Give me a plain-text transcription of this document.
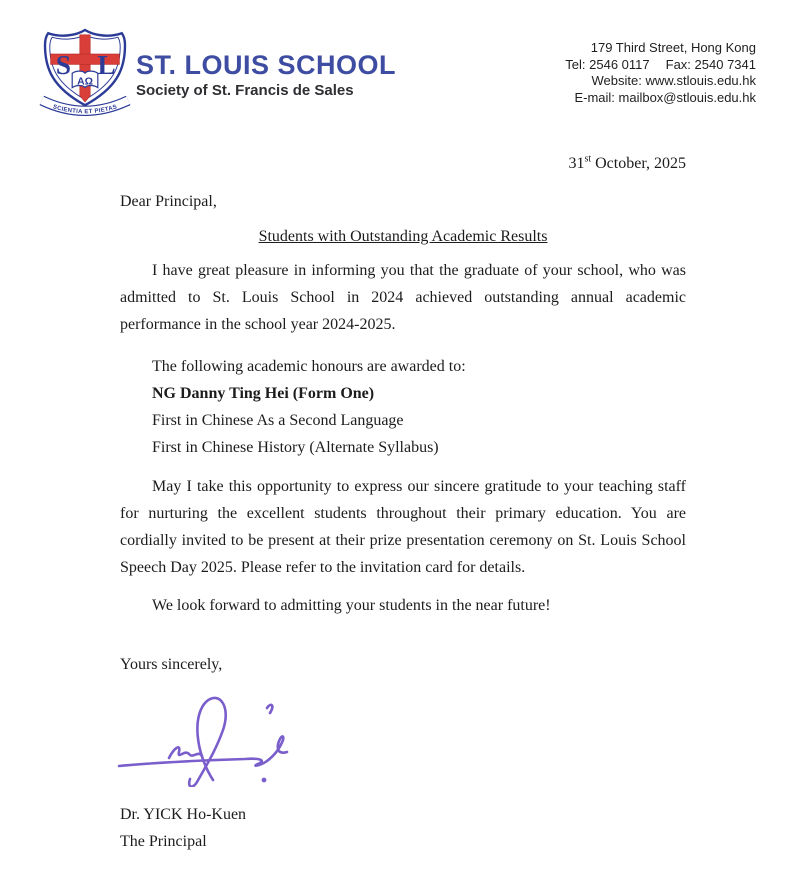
S L
ΑΩ
SCIENTIA ET PIETAS
ST. LOUIS SCHOOL
Society of St. Francis de Sales
179 Third Street, Hong Kong
Tel: 2546 0117 Fax: 2540 7341
Website: www.stlouis.edu.hk
E-mail: mailbox@stlouis.edu.hk
31st October, 2025
Dear Principal,
Students with Outstanding Academic Results

I have great pleasure in informing you that the graduate of your school, who was admitted to St. Louis School in 2024 achieved outstanding annual academic performance in the school year 2024-2025.

The following academic honours are awarded to:
NG Danny Ting Hei (Form One)
First in Chinese As a Second Language
First in Chinese History (Alternate Syllabus)

May I take this opportunity to express our sincere gratitude to your teaching staff for nurturing the excellent students throughout their primary education. You are cordially invited to be present at their prize presentation ceremony on St. Louis School Speech Day 2025. Please refer to the invitation card for details.

We look forward to admitting your students in the near future!

Yours sincerely,
Dr. YICK Ho-Kuen
The Principal
